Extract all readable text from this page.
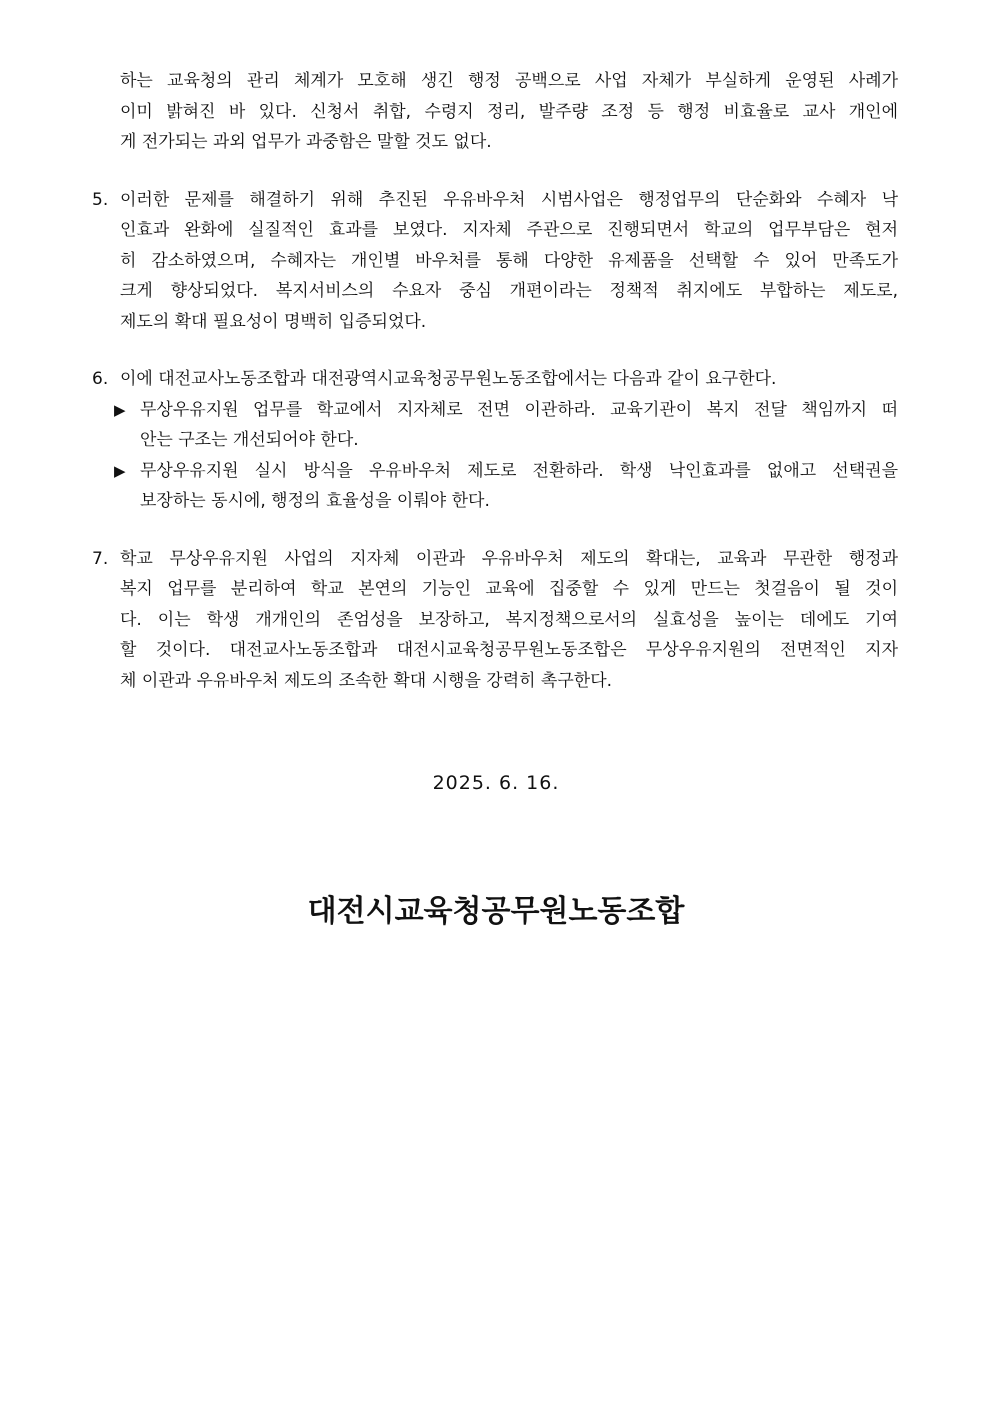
하는 교육청의 관리 체계가 모호해 생긴 행정 공백으로 사업 자체가 부실하게 운영된 사례가
이미 밝혀진 바 있다. 신청서 취합, 수령지 정리, 발주량 조정 등 행정 비효율로 교사 개인에
게 전가되는 과외 업무가 과중함은 말할 것도 없다.
5. 이러한 문제를 해결하기 위해 추진된 우유바우처 시범사업은 행정업무의 단순화와 수혜자 낙
인효과 완화에 실질적인 효과를 보였다. 지자체 주관으로 진행되면서 학교의 업무부담은 현저
히 감소하였으며, 수혜자는 개인별 바우처를 통해 다양한 유제품을 선택할 수 있어 만족도가
크게 향상되었다. 복지서비스의 수요자 중심 개편이라는 정책적 취지에도 부합하는 제도로,
제도의 확대 필요성이 명백히 입증되었다.
6. 이에 대전교사노동조합과 대전광역시교육청공무원노동조합에서는 다음과 같이 요구한다.
▶ 무상우유지원 업무를 학교에서 지자체로 전면 이관하라. 교육기관이 복지 전달 책임까지 떠
안는 구조는 개선되어야 한다.
▶ 무상우유지원 실시 방식을 우유바우처 제도로 전환하라. 학생 낙인효과를 없애고 선택권을
보장하는 동시에, 행정의 효율성을 이뤄야 한다.
7. 학교 무상우유지원 사업의 지자체 이관과 우유바우처 제도의 확대는, 교육과 무관한 행정과
복지 업무를 분리하여 학교 본연의 기능인 교육에 집중할 수 있게 만드는 첫걸음이 될 것이
다. 이는 학생 개개인의 존엄성을 보장하고, 복지정책으로서의 실효성을 높이는 데에도 기여
할 것이다. 대전교사노동조합과 대전시교육청공무원노동조합은 무상우유지원의 전면적인 지자
체 이관과 우유바우처 제도의 조속한 확대 시행을 강력히 촉구한다.
2025. 6. 16.
대전시교육청공무원노동조합
